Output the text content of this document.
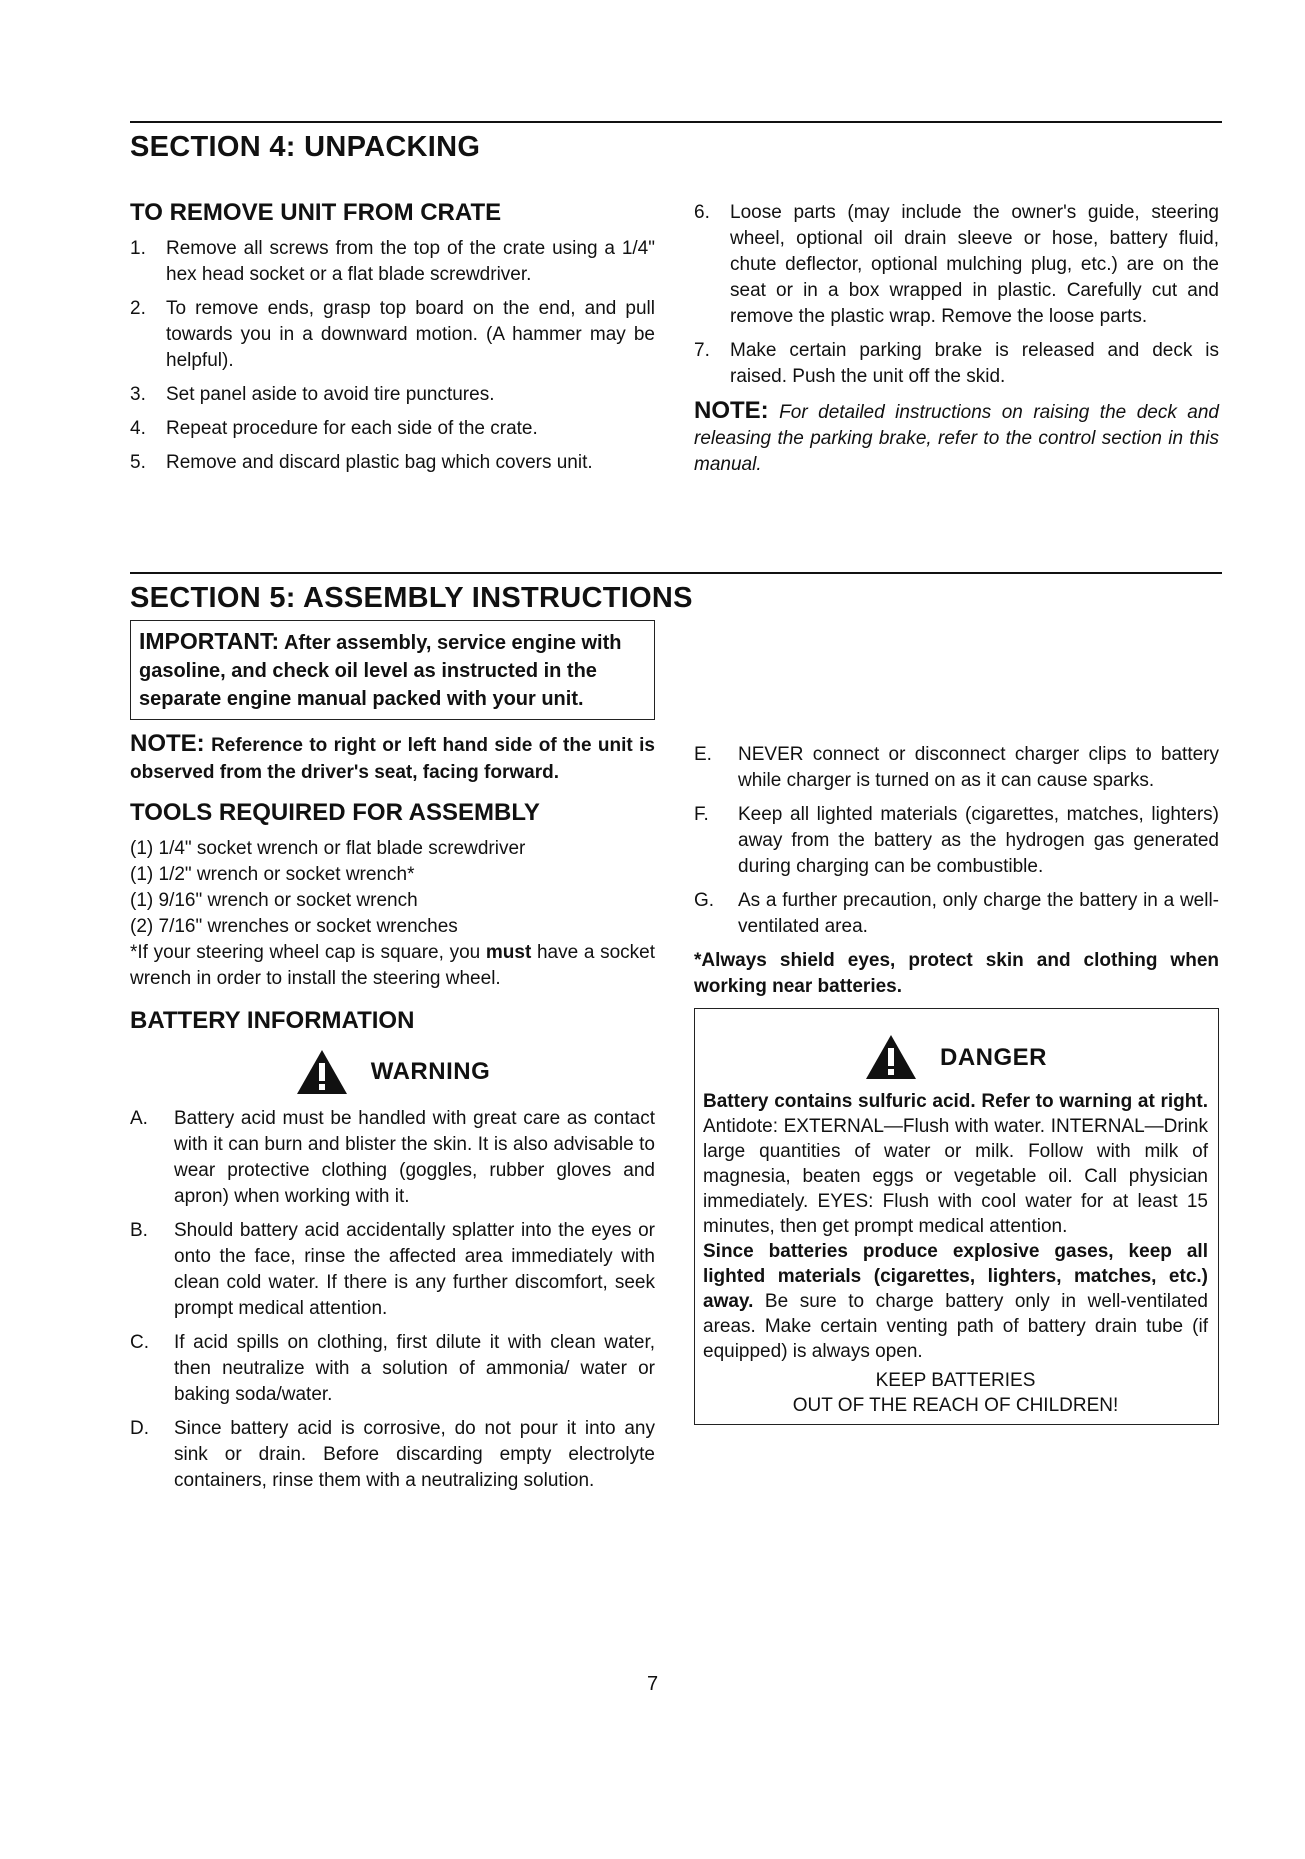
SECTION 4: UNPACKING
TO REMOVE UNIT FROM CRATE
1.	Remove all screws from the top of the crate using a 1/4" hex head socket or a flat blade screwdriver.
2.	To remove ends, grasp top board on the end, and pull towards you in a downward motion. (A hammer may be helpful).
3.	Set panel aside to avoid tire punctures.
4.	Repeat procedure for each side of the crate.
5.	Remove and discard plastic bag which covers unit.
6.	Loose parts (may include the owner's guide, steering wheel, optional oil drain sleeve or hose, battery fluid, chute deflector, optional mulching plug, etc.) are on the seat or in a box wrapped in plastic. Carefully cut and remove the plastic wrap. Remove the loose parts.
7.	Make certain parking brake is released and deck is raised. Push the unit off the skid.

NOTE: For detailed instructions on raising the deck and releasing the parking brake, refer to the control section in this manual.

SECTION 5: ASSEMBLY INSTRUCTIONS
IMPORTANT: After assembly, service engine with gasoline, and check oil level as instructed in the separate engine manual packed with your unit.

NOTE: Reference to right or left hand side of the unit is observed from the driver's seat, facing forward.

TOOLS REQUIRED FOR ASSEMBLY

(1) 1/4" socket wrench or flat blade screwdriver

(1) 1/2" wrench or socket wrench*

(1) 9/16" wrench or socket wrench

(2) 7/16" wrenches or socket wrenches

*If your steering wheel cap is square, you must have a socket wrench in order to install the steering wheel.

BATTERY INFORMATION
WARNING
A.	Battery acid must be handled with great care as contact with it can burn and blister the skin. It is also advisable to wear protective clothing (goggles, rubber gloves and apron) when working with it.
B.	Should battery acid accidentally splatter into the eyes or onto the face, rinse the affected area immediately with clean cold water. If there is any further discomfort, seek prompt medical attention.
C.	If acid spills on clothing, first dilute it with clean water, then neutralize with a solution of ammonia/ water or baking soda/water.
D.	Since battery acid is corrosive, do not pour it into any sink or drain. Before discarding empty electrolyte containers, rinse them with a neutralizing solution.
E.	NEVER connect or disconnect charger clips to battery while charger is turned on as it can cause sparks.
F.	Keep all lighted materials (cigarettes, matches, lighters) away from the battery as the hydrogen gas generated during charging can be combustible.
G.	As a further precaution, only charge the battery in a well-ventilated area.

*Always shield eyes, protect skin and clothing when working near batteries.

DANGER

Battery contains sulfuric acid. Refer to warning at right. Antidote: EXTERNAL—Flush with water. INTERNAL—Drink large quantities of water or milk. Follow with milk of magnesia, beaten eggs or vegetable oil. Call physician immediately. EYES: Flush with cool water for at least 15 minutes, then get prompt medical attention.

Since batteries produce explosive gases, keep all lighted materials (cigarettes, lighters, matches, etc.) away. Be sure to charge battery only in well-ventilated areas. Make certain venting path of battery drain tube (if equipped) is always open.

KEEP BATTERIES

OUT OF THE REACH OF CHILDREN!

7
